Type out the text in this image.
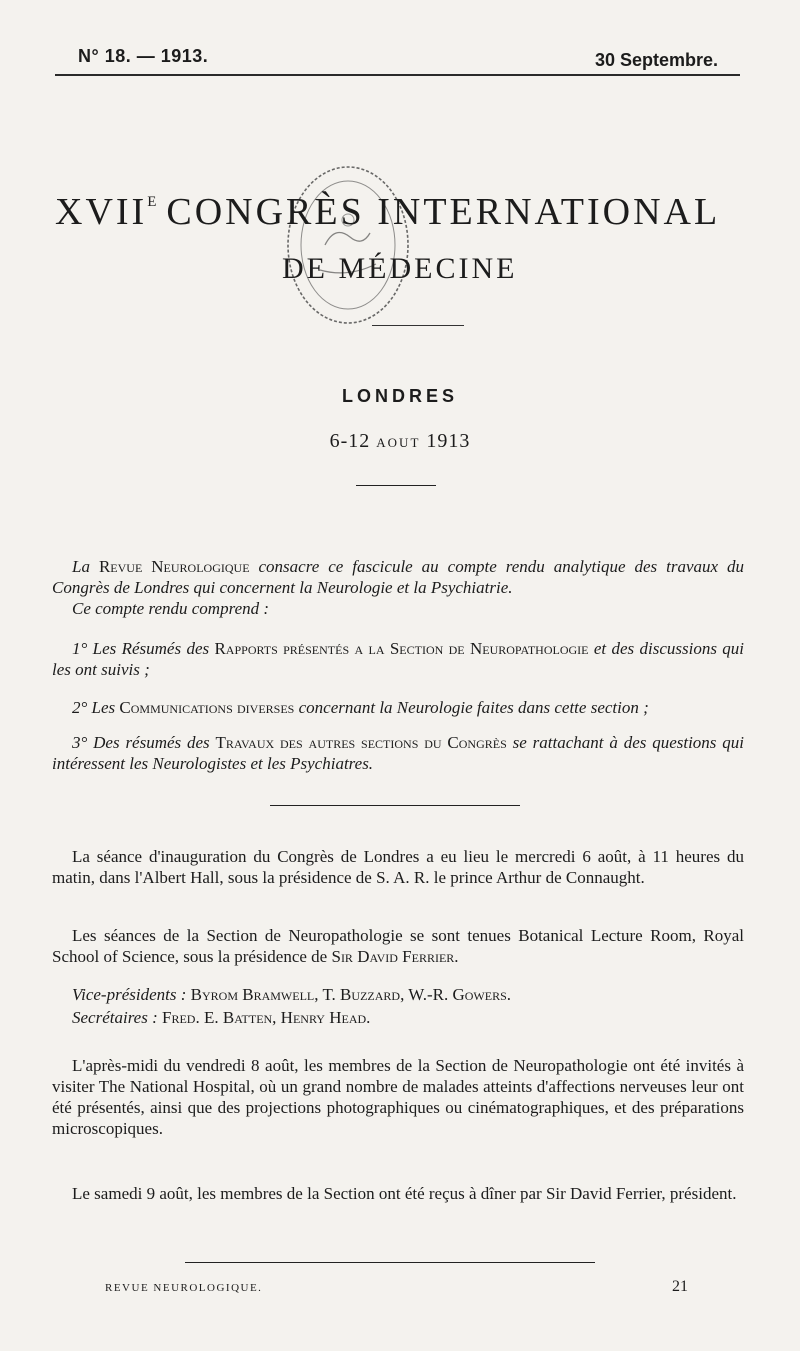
N° 18. — 1913.	30 Septembre.
$XVII^E$ CONGRÈS INTERNATIONAL
DE MÉDECINE
LONDRES
6-12 AOUT 1913
La Revue Neurologique consacre ce fascicule au compte rendu analytique des travaux du Congrès de Londres qui concernent la Neurologie et la Psychiatrie.
Ce compte rendu comprend :
1° Les Résumés des Rapports présentés a la Section de Neuropathologie et des discussions qui les ont suivis ;
2° Les Communications diverses concernant la Neurologie faites dans cette section ;
3° Des résumés des Travaux des autres sections du Congrès se rattachant à des questions qui intéressent les Neurologistes et les Psychiatres.
La séance d'inauguration du Congrès de Londres a eu lieu le mercredi 6 août, à 11 heures du matin, dans l'Albert Hall, sous la présidence de S. A. R. le prince Arthur de Connaught.
Les séances de la Section de Neuropathologie se sont tenues Botanical Lecture Room, Royal School of Science, sous la présidence de Sir David Ferrier.
Vice-présidents : Byrom Bramwell, T. Buzzard, W.-R. Gowers.
Secrétaires : Fred. E. Batten, Henry Head.
L'après-midi du vendredi 8 août, les membres de la Section de Neuropathologie ont été invités à visiter The National Hospital, où un grand nombre de malades atteints d'affections nerveuses leur ont été présentés, ainsi que des projections photographiques ou cinématographiques, et des préparations microscopiques.
Le samedi 9 août, les membres de la Section ont été reçus à dîner par Sir David Ferrier, président.
REVUE NEUROLOGIQUE.	21
